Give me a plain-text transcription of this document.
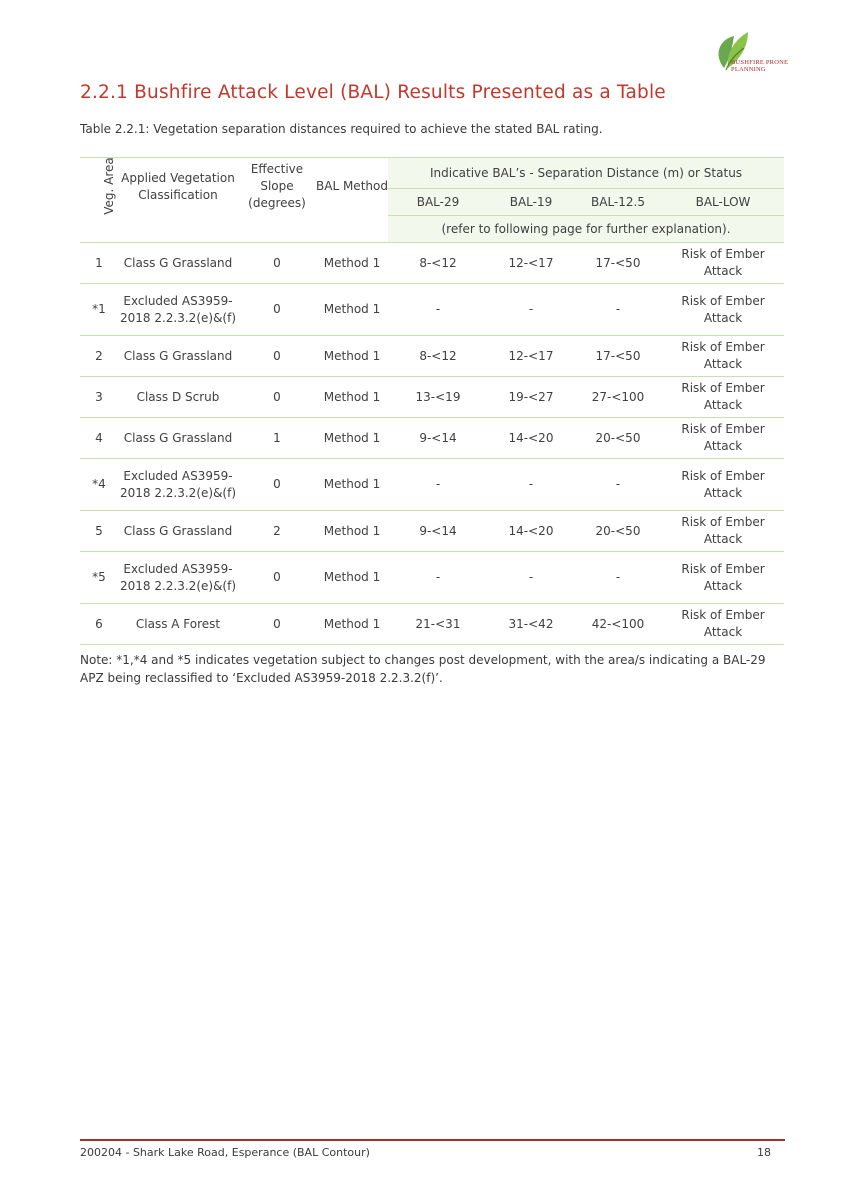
BUSHFIRE PRONE
PLANNING
2.2.1 Bushfire Attack Level (BAL) Results Presented as a Table
Table 2.2.1: Vegetation separation distances required to achieve the stated BAL rating.
Veg. Area	Applied Vegetation Classification	Effective Slope (degrees)	BAL Method	Indicative BAL’s - Separation Distance (m) or Status			
				BAL-29	BAL-19	BAL-12.5	BAL-LOW
				(refer to following page for further explanation).			
1	Class G Grassland	0	Method 1	8-<12	12-<17	17-<50	Risk of Ember Attack
*1	Excluded AS3959-2018 2.2.3.2(e)&(f)	0	Method 1	-	-	-	Risk of Ember Attack
2	Class G Grassland	0	Method 1	8-<12	12-<17	17-<50	Risk of Ember Attack
3	Class D Scrub	0	Method 1	13-<19	19-<27	27-<100	Risk of Ember Attack
4	Class G Grassland	1	Method 1	9-<14	14-<20	20-<50	Risk of Ember Attack
*4	Excluded AS3959-2018 2.2.3.2(e)&(f)	0	Method 1	-	-	-	Risk of Ember Attack
5	Class G Grassland	2	Method 1	9-<14	14-<20	20-<50	Risk of Ember Attack
*5	Excluded AS3959-2018 2.2.3.2(e)&(f)	0	Method 1	-	-	-	Risk of Ember Attack
6	Class A Forest	0	Method 1	21-<31	31-<42	42-<100	Risk of Ember Attack
Note: *1,*4 and *5 indicates vegetation subject to changes post development, with the area/s indicating a BAL-29 APZ being reclassified to ‘Excluded AS3959-2018 2.2.3.2(f)’.
200204 - Shark Lake Road, Esperance (BAL Contour)	18
